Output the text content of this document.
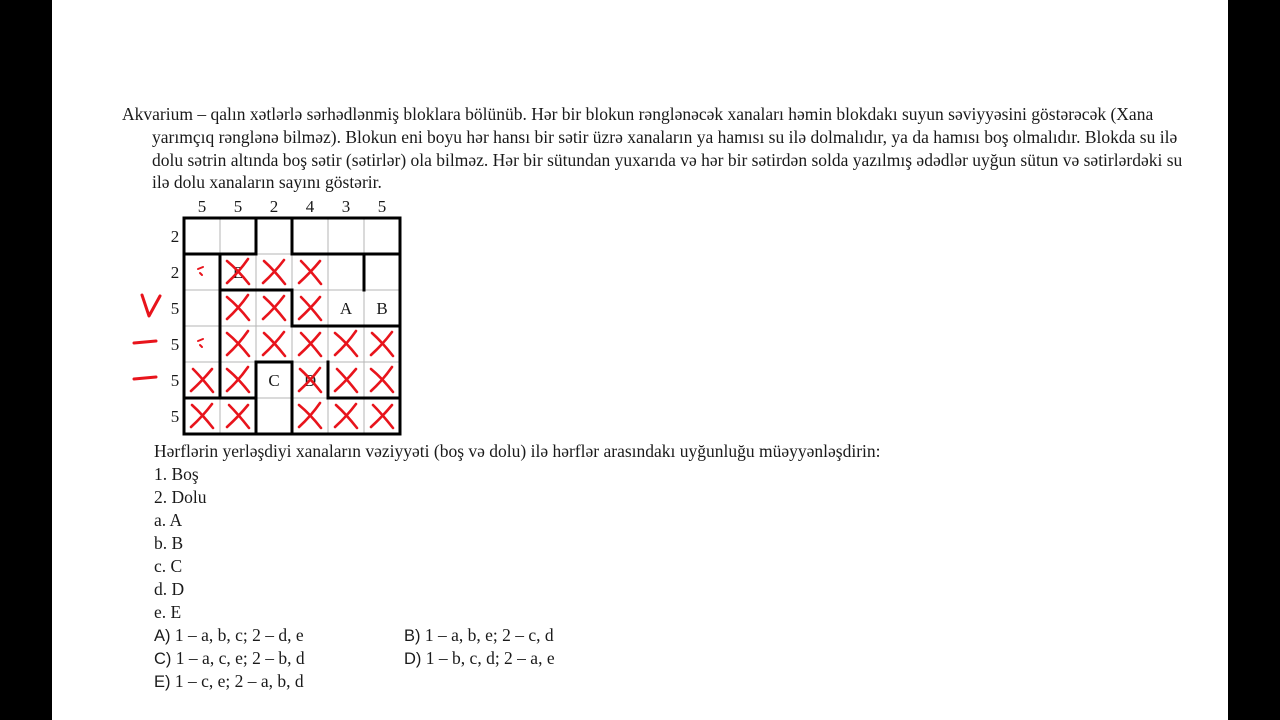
Akvarium – qalın xətlərlə sərhədlənmiş bloklara bölünüb. Hər bir blokun rənglənəcək xanaları həmin blokdakı suyun səviyyəsini göstərəcək (Xana yarımçıq rənglənə bilməz). Blokun eni boyu hər hansı bir sətir üzrə xanaların ya hamısı su ilə dolmalıdır, ya da hamısı boş olmalıdır. Blokda su ilə dolu sətrin altında boş sətir (sətirlər) ola bilməz. Hər bir sütundan yuxarıda və hər bir sətirdən solda yazılmış ədədlər uyğun sütun və sətirlərdəki su ilə dolu xanaların sayını göstərir.

5 5 2 4 3 5
2
2
5
5
5
5
E
A B
C D
Hərflərin yerləşdiyi xanaların vəziyyəti (boş və dolu) ilə hərflər arasındakı uyğunluğu müəyyənləşdirin:
1. Boş
2. Dolu
a. A
b. B
c. C
d. D
e. E
A) 1 – a, b, c; 2 – d, e	B) 1 – a, b, e; 2 – c, d
C) 1 – a, c, e; 2 – b, d	D) 1 – b, c, d; 2 – a, e
E) 1 – c, e; 2 – a, b, d
